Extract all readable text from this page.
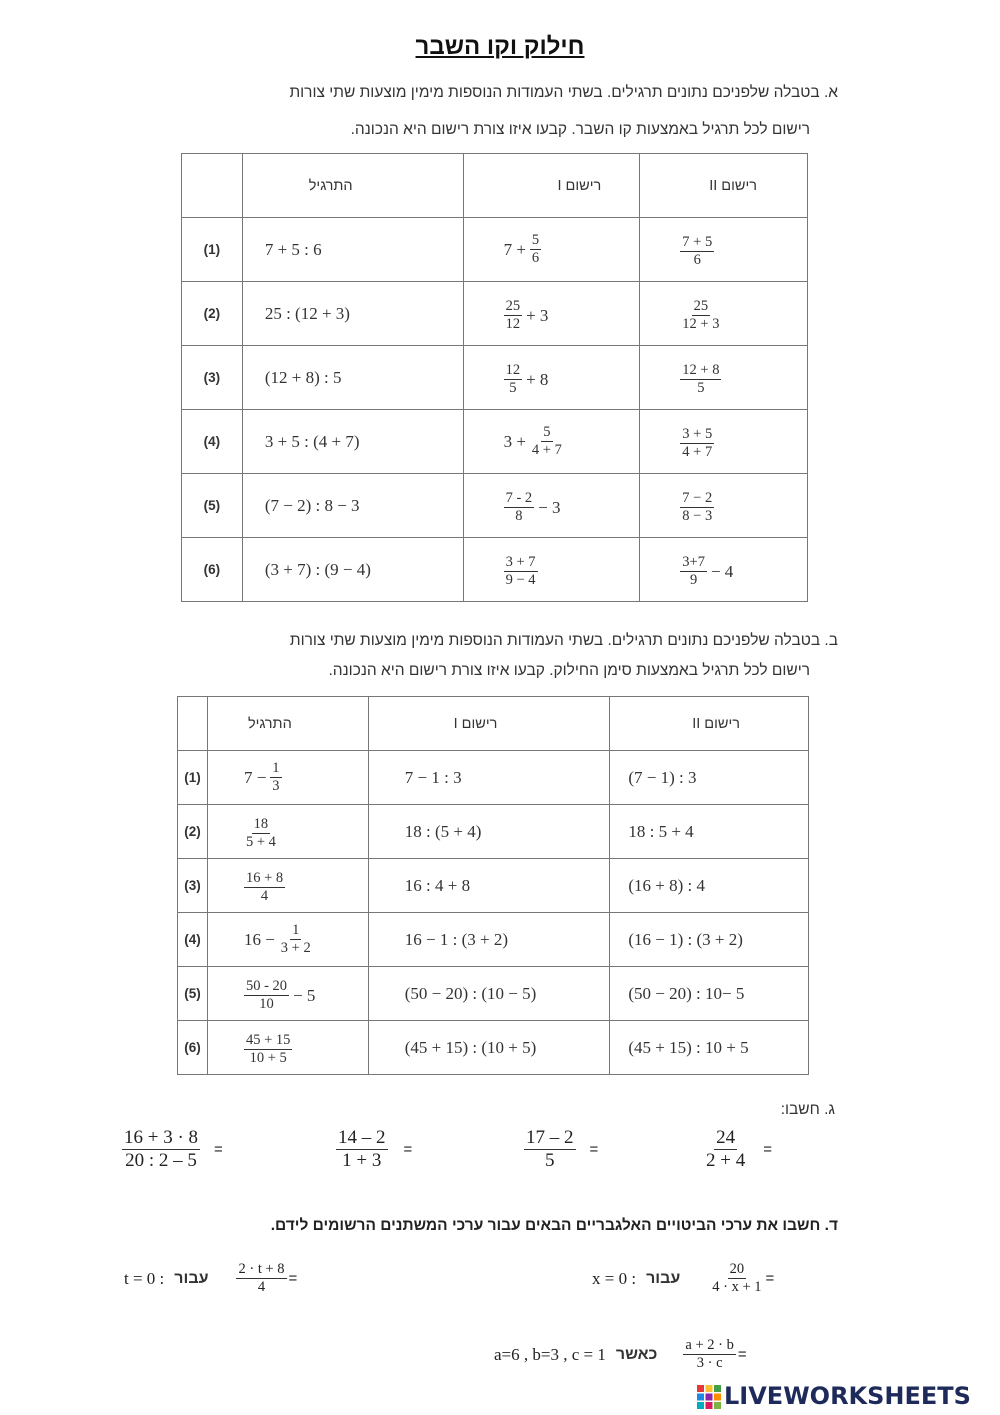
חילוק וקו השבר
א. בטבלה שלפניכם נתונים תרגילים. בשתי העמודות הנוספות מימין מוצעות שתי צורות
רישום לכל תרגיל באמצעות קו השבר. קבעו איזו צורת רישום היא הנכונה.
	התרגיל	רישום I	רישום II
(1)	7 + 5 : 6	$7 + \frac{5}{6}$	$\frac{7 + 5}{6}$

(2)	25 : (12 + 3)	$\frac{25}{12} + 3$	$\frac{25}{12 + 3}$

(3)	(12 + 8) : 5	$\frac{12}{5} + 8$	$\frac{12 + 8}{5}$

(4)	3 + 5 : (4 + 7)	$3 + \frac{5}{4 + 7}$	$\frac{3 + 5}{4 + 7}$

(5)	(7 − 2) : 8 − 3	$\frac{7 - 2}{8} - 3$	$\frac{7 - 2}{8 - 3}$

(6)	(3 + 7) : (9 − 4)	$\frac{3 + 7}{9 - 4}$	$\frac{3+7}{9} - 4$
ב. בטבלה שלפניכם נתונים תרגילים. בשתי העמודות הנוספות מימין מוצעות שתי צורות
רישום לכל תרגיל באמצעות סימן החילוק. קבעו איזו צורת רישום היא הנכונה.
	התרגיל	רישום I	רישום II
(1)	$7 - \frac{1}{3}$	7 − 1 : 3	(7 − 1) : 3
(2)	$\frac{18}{5 + 4}$	18 : (5 + 4)	18 : 5 + 4
(3)	$\frac{16 + 8}{4}$	16 : 4 + 8	(16 + 8) : 4
(4)	$16 - \frac{1}{3 + 2}$	16 − 1 : (3 + 2)	(16 − 1) : (3 + 2)
(5)	$\frac{50 - 20}{10} - 5$	(50 − 20) : (10 − 5)	(50 − 20) : 10− 5
(6)	$\frac{45 + 15}{10 + 5}$	(45 + 15) : (10 + 5)	(45 + 15) : 10 + 5
ג. חשבו:
$\frac{24}{2 + 4}$ =
$\frac{17 - 2}{5}$ =
$\frac{14 - 2}{1 + 3}$ =
$\frac{16 + 3 \cdot 8}{20 : 2 - 5}$ =
ד. חשבו את ערכי הביטויים האלגבריים הבאים עבור ערכי המשתנים הרשומים לידם.
x = 0 : עבור $\frac{20}{4 \cdot x + 1}$ =
t = 0 : עבור $\frac{2 \cdot t + 8}{4}$ =
a=6 , b=3 , c = 1 כאשר $\frac{a + 2 \cdot b}{3 \cdot c}$ =
LIVEWORKSHEETS
